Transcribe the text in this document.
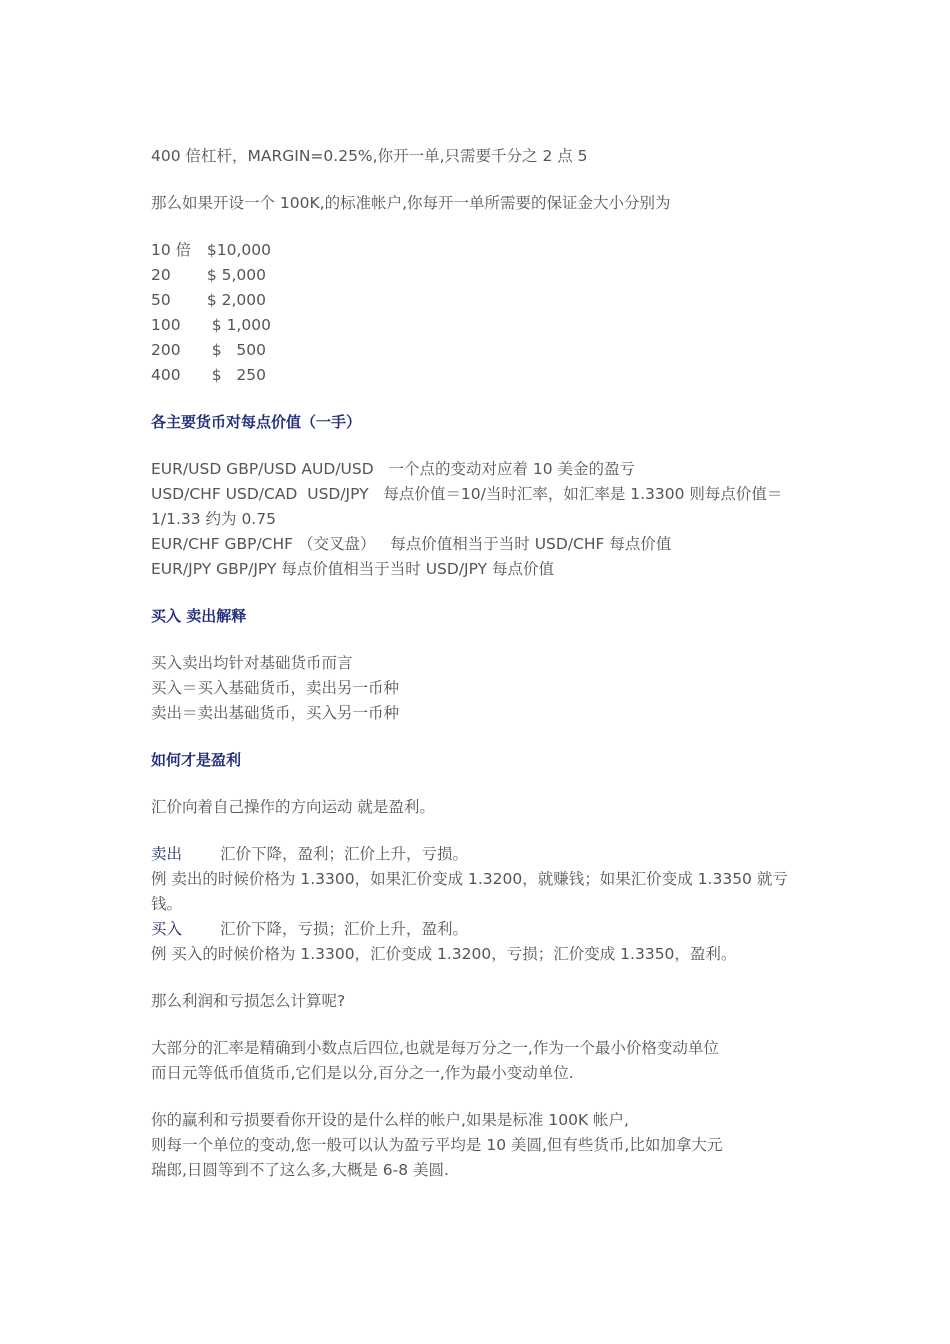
400 倍杠杆，MARGIN=0.25%,你开一单,只需要千分之 2 点 5

那么如果开设一个 100K,的标准帐户,你每开一单所需要的保证金大小分别为

10 倍 $10,000
20	$ 5,000
50	$ 2,000
100	$ 1,000
200	$   500
400	$   250
各主要货币对每点价值（一手）
EUR/USD GBP/USD AUD/USD   一个点的变动对应着 10 美金的盈亏
USD/CHF USD/CAD  USD/JPY   每点价值＝10/当时汇率，如汇率是 1.3300 则每点价值＝1/1.33 约为 0.75
EUR/CHF GBP/CHF （交叉盘）   每点价值相当于当时 USD/CHF 每点价值
EUR/JPY GBP/JPY 每点价值相当于当时 USD/JPY 每点价值
买入 卖出解释
买入卖出均针对基础货币而言
买入＝买入基础货币，卖出另一币种
卖出＝卖出基础货币，买入另一币种
如何才是盈利

汇价向着自己操作的方向运动 就是盈利。

卖出 汇价下降，盈利；汇价上升，亏损。
例 卖出的时候价格为 1.3300，如果汇价变成 1.3200，就赚钱；如果汇价变成 1.3350 就亏钱。
买入 汇价下降，亏损；汇价上升，盈利。
例 买入的时候价格为 1.3300，汇价变成 1.3200，亏损；汇价变成 1.3350，盈利。

那么利润和亏损怎么计算呢?

大部分的汇率是精确到小数点后四位,也就是每万分之一,作为一个最小价格变动单位
而日元等低币值货币,它们是以分,百分之一,作为最小变动单位.
你的赢利和亏损要看你开设的是什么样的帐户,如果是标准 100K 帐户,
则每一个单位的变动,您一般可以认为盈亏平均是 10 美圆,但有些货币,比如加拿大元
瑞郎,日圆等到不了这么多,大概是 6-8 美圆.
